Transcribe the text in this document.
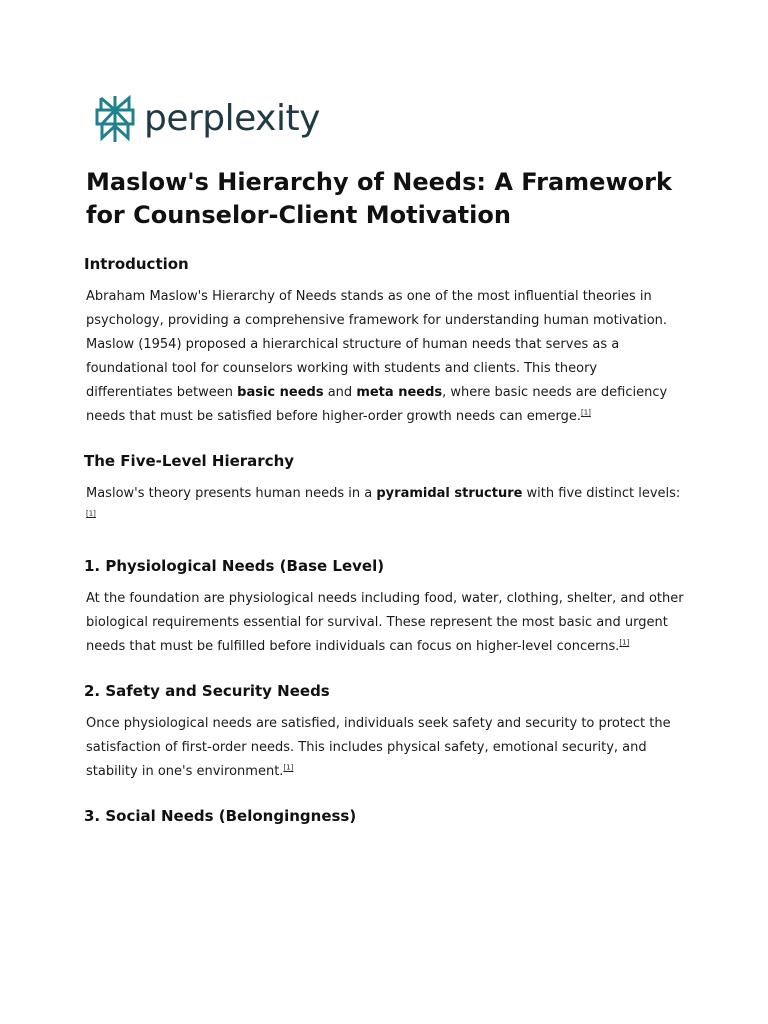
perplexity
Maslow's Hierarchy of Needs: A Framework for Counselor-Client Motivation
Introduction

Abraham Maslow's Hierarchy of Needs stands as one of the most influential theories in psychology, providing a comprehensive framework for understanding human motivation. Maslow (1954) proposed a hierarchical structure of human needs that serves as a foundational tool for counselors working with students and clients. This theory differentiates between basic needs and meta needs, where basic needs are deficiency needs that must be satisfied before higher-order growth needs can emerge.[1]

The Five-Level Hierarchy

Maslow's theory presents human needs in a pyramidal structure with five distinct levels:[1]

1. Physiological Needs (Base Level)

At the foundation are physiological needs including food, water, clothing, shelter, and other biological requirements essential for survival. These represent the most basic and urgent needs that must be fulfilled before individuals can focus on higher-level concerns.[1]

2. Safety and Security Needs

Once physiological needs are satisfied, individuals seek safety and security to protect the satisfaction of first-order needs. This includes physical safety, emotional security, and stability in one's environment.[1]

3. Social Needs (Belongingness)
